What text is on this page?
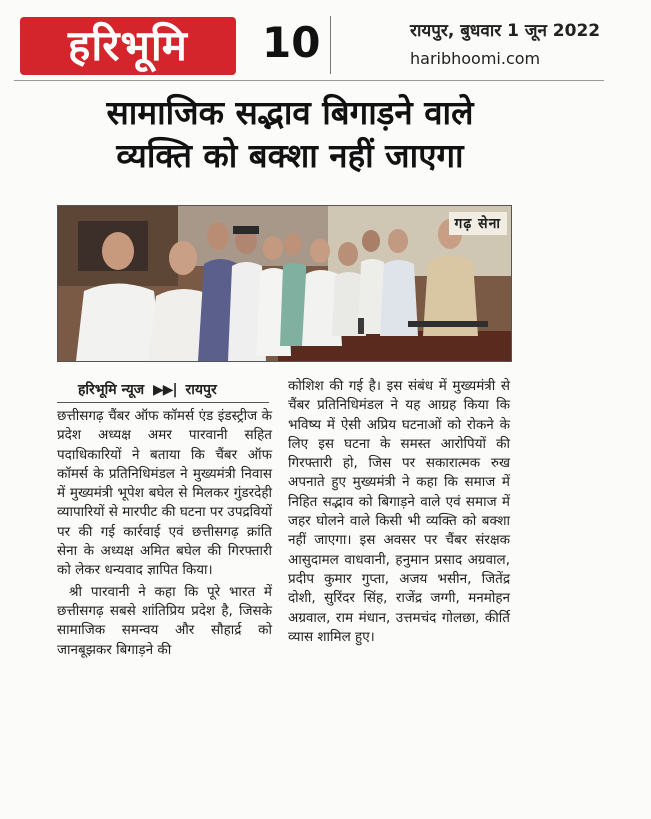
हरिभूमि 10	रायपुर, बुधवार 1 जून 2022
haribhoomi.com
सामाजिक सद्भाव बिगाड़ने वाले
व्यक्ति को बक्शा नहीं जाएगा
गढ़ सेना
हरिभूमि न्यूज ▶▶| रायपुर

छत्तीसगढ़ चैंबर ऑफ कॉमर्स एंड इंडस्ट्रीज के प्रदेश अध्यक्ष अमर पारवानी सहित पदाधिकारियों ने बताया कि चैंबर ऑफ कॉमर्स के प्रतिनिधिमंडल ने मुख्यमंत्री निवास में मुख्यमंत्री भूपेश बघेल से मिलकर गुंडरदेही व्यापारियों से मारपीट की घटना पर उपद्रवियों पर की गई कार्रवाई एवं छत्तीसगढ़ क्रांति सेना के अध्यक्ष अमित बघेल की गिरफ्तारी को लेकर धन्यवाद ज्ञापित किया।

श्री पारवानी ने कहा कि पूरे भारत में छत्तीसगढ़ सबसे शांतिप्रिय प्रदेश है, जिसके सामाजिक समन्वय और सौहार्द्र को जानबूझकर बिगाड़ने की

कोशिश की गई है। इस संबंध में मुख्यमंत्री से चैंबर प्रतिनिधिमंडल ने यह आग्रह किया कि भविष्य में ऐसी अप्रिय घटनाओं को रोकने के लिए इस घटना के समस्त आरोपियों की गिरफ्तारी हो, जिस पर सकारात्मक रुख अपनाते हुए मुख्यमंत्री ने कहा कि समाज में निहित सद्भाव को बिगाड़ने वाले एवं समाज में जहर घोलने वाले किसी भी व्यक्ति को बक्शा नहीं जाएगा। इस अवसर पर चैंबर संरक्षक आसुदामल वाधवानी, हनुमान प्रसाद अग्रवाल, प्रदीप कुमार गुप्ता, अजय भसीन, जितेंद्र दोशी, सुरिंदर सिंह, राजेंद्र जग्गी, मनमोहन अग्रवाल, राम मंधान, उत्तमचंद गोलछा, कीर्ति व्यास शामिल हुए।
